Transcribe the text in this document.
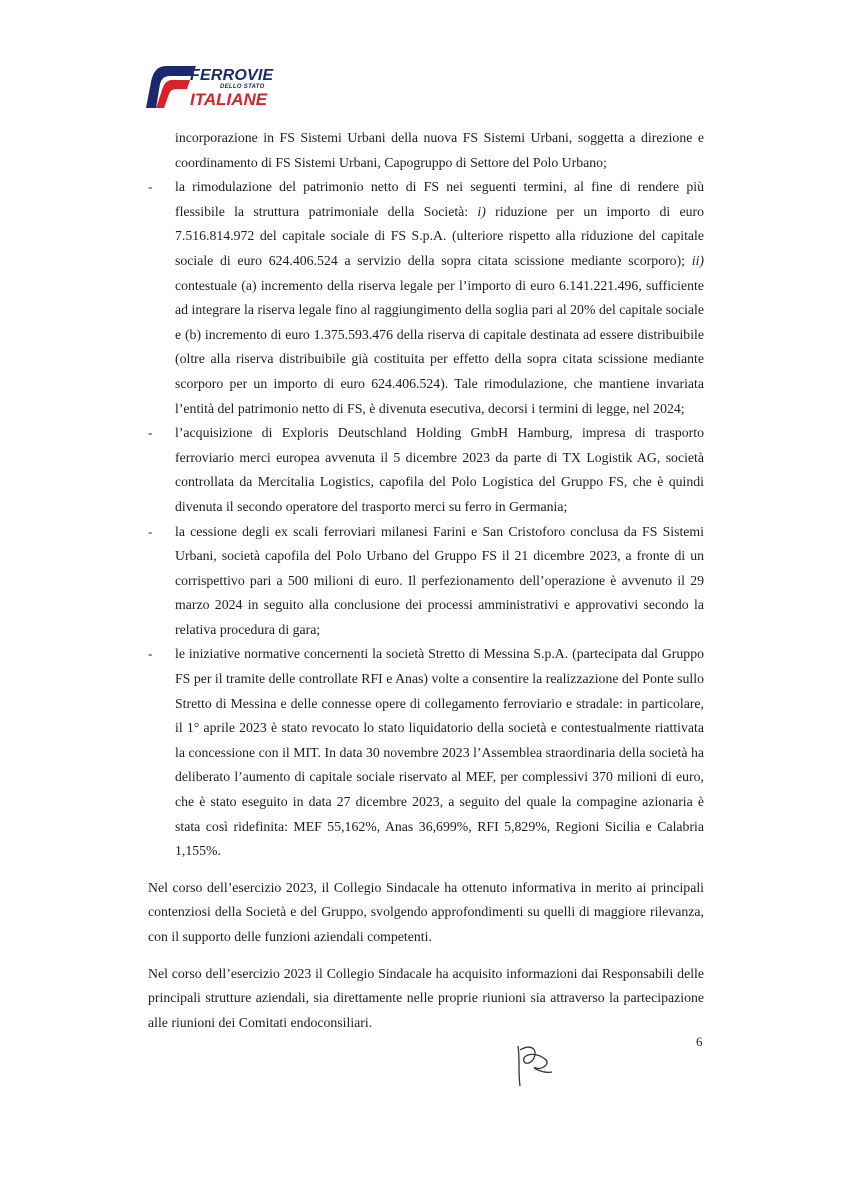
FERROVIE
DELLO STATO
ITALIANE

incorporazione in FS Sistemi Urbani della nuova FS Sistemi Urbani, soggetta a direzione e coordinamento di FS Sistemi Urbani, Capogruppo di Settore del Polo Urbano;

- la rimodulazione del patrimonio netto di FS nei seguenti termini, al fine di rendere più flessibile la struttura patrimoniale della Società: i) riduzione per un importo di euro 7.516.814.972 del capitale sociale di FS S.p.A. (ulteriore rispetto alla riduzione del capitale sociale di euro 624.406.524 a servizio della sopra citata scissione mediante scorporo); ii) contestuale (a) incremento della riserva legale per l’importo di euro 6.141.221.496, sufficiente ad integrare la riserva legale fino al raggiungimento della soglia pari al 20% del capitale sociale e (b) incremento di euro 1.375.593.476 della riserva di capitale destinata ad essere distribuibile (oltre alla riserva distribuibile già costituita per effetto della sopra citata scissione mediante scorporo per un importo di euro 624.406.524). Tale rimodulazione, che mantiene invariata l’entità del patrimonio netto di FS, è divenuta esecutiva, decorsi i termini di legge, nel 2024;
- l’acquisizione di Exploris Deutschland Holding GmbH Hamburg, impresa di trasporto ferroviario merci europea avvenuta il 5 dicembre 2023 da parte di TX Logistik AG, società controllata da Mercitalia Logistics, capofila del Polo Logistica del Gruppo FS, che è quindi divenuta il secondo operatore del trasporto merci su ferro in Germania;
- la cessione degli ex scali ferroviari milanesi Farini e San Cristoforo conclusa da FS Sistemi Urbani, società capofila del Polo Urbano del Gruppo FS il 21 dicembre 2023, a fronte di un corrispettivo pari a 500 milioni di euro. Il perfezionamento dell’operazione è avvenuto il 29 marzo 2024 in seguito alla conclusione dei processi amministrativi e approvativi secondo la relativa procedura di gara;
- le iniziative normative concernenti la società Stretto di Messina S.p.A. (partecipata dal Gruppo FS per il tramite delle controllate RFI e Anas) volte a consentire la realizzazione del Ponte sullo Stretto di Messina e delle connesse opere di collegamento ferroviario e stradale: in particolare, il 1° aprile 2023 è stato revocato lo stato liquidatorio della società e contestualmente riattivata la concessione con il MIT. In data 30 novembre 2023 l’Assemblea straordinaria della società ha deliberato l’aumento di capitale sociale riservato al MEF, per complessivi 370 milioni di euro, che è stato eseguito in data 27 dicembre 2023, a seguito del quale la compagine azionaria è stata così ridefinita: MEF 55,162%, Anas 36,699%, RFI 5,829%, Regioni Sicilia e Calabria 1,155%.

Nel corso dell’esercizio 2023, il Collegio Sindacale ha ottenuto informativa in merito ai principali contenziosi della Società e del Gruppo, svolgendo approfondimenti su quelli di maggiore rilevanza, con il supporto delle funzioni aziendali competenti.

Nel corso dell’esercizio 2023 il Collegio Sindacale ha acquisito informazioni dai Responsabili delle principali strutture aziendali, sia direttamente nelle proprie riunioni sia attraverso la partecipazione alle riunioni dei Comitati endoconsiliari.

6
